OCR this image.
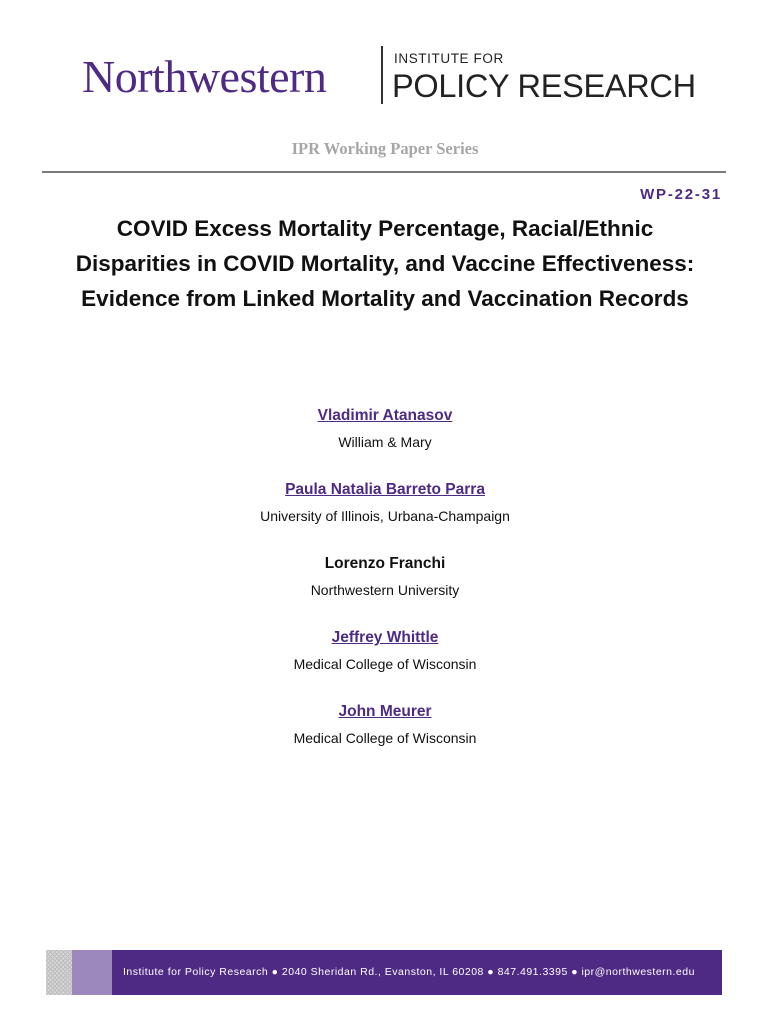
Northwestern	INSTITUTE FOR
POLICY RESEARCH
IPR Working Paper Series
WP-22-31
COVID Excess Mortality Percentage, Racial/Ethnic Disparities in COVID Mortality, and Vaccine Effectiveness: Evidence from Linked Mortality and Vaccination Records
Vladimir Atanasov
William & Mary
Paula Natalia Barreto Parra
University of Illinois, Urbana-Champaign
Lorenzo Franchi
Northwestern University
Jeffrey Whittle
Medical College of Wisconsin
John Meurer
Medical College of Wisconsin
Institute for Policy Research ● 2040 Sheridan Rd., Evanston, IL 60208 ● 847.491.3395 ● ipr@northwestern.edu
